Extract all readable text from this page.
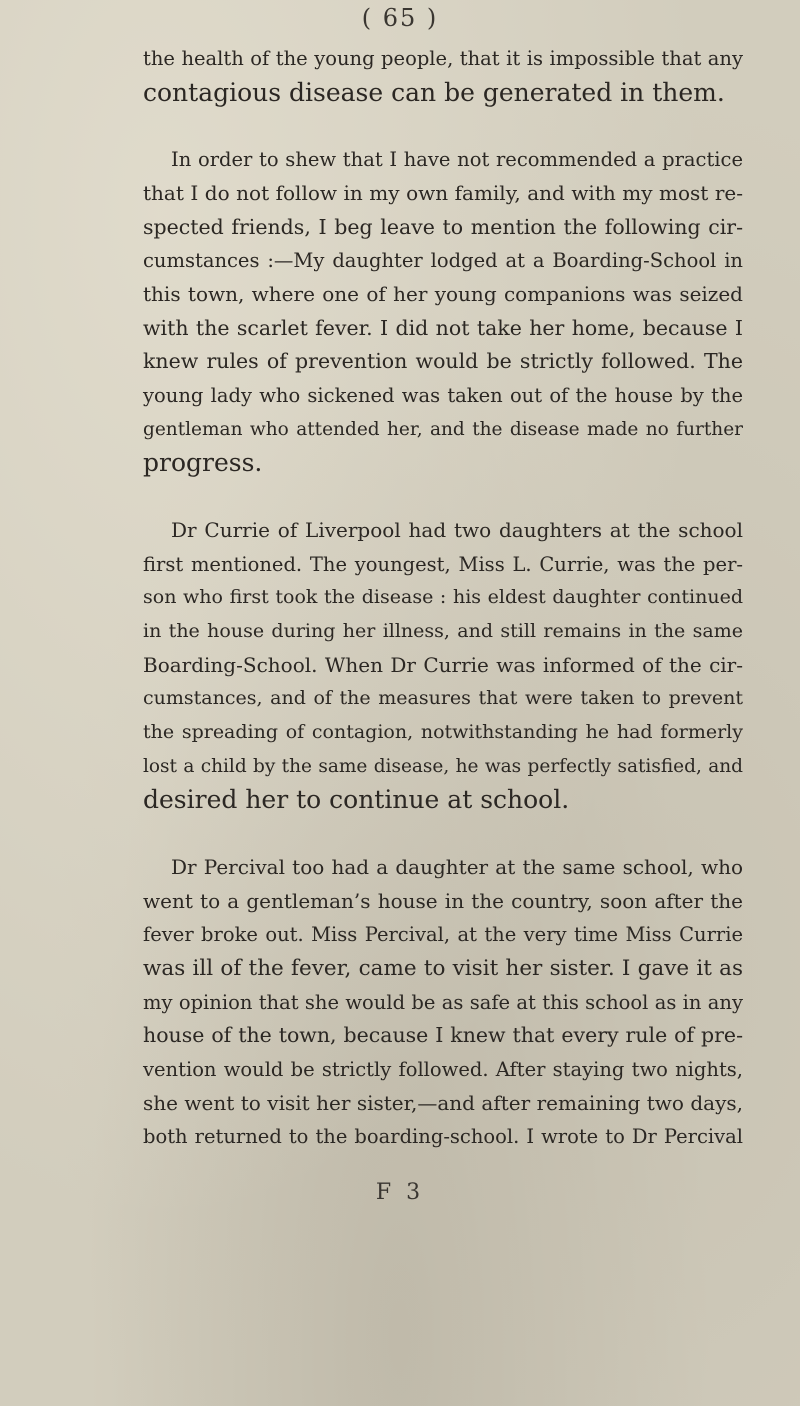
( 65 )
the health of the young people, that it is impossible that any
contagious disease can be generated in them.
In order to shew that I have not recommended a practice
that I do not follow in my own family, and with my most re-
spected friends, I beg leave to mention the following cir-
cumstances :—My daughter lodged at a Boarding-School in
this town, where one of her young companions was seized
with the scarlet fever. I did not take her home, because I
knew rules of prevention would be strictly followed. The
young lady who sickened was taken out of the house by the
gentleman who attended her, and the disease made no further
progress.
Dr Currie of Liverpool had two daughters at the school
first mentioned. The youngest, Miss L. Currie, was the per-
son who first took the disease : his eldest daughter continued
in the house during her illness, and still remains in the same
Boarding-School. When Dr Currie was informed of the cir-
cumstances, and of the measures that were taken to prevent
the spreading of contagion, notwithstanding he had formerly
lost a child by the same disease, he was perfectly satisfied, and
desired her to continue at school.
Dr Percival too had a daughter at the same school, who
went to a gentleman’s house in the country, soon after the
fever broke out. Miss Percival, at the very time Miss Currie
was ill of the fever, came to visit her sister. I gave it as
my opinion that she would be as safe at this school as in any
house of the town, because I knew that every rule of pre-
vention would be strictly followed. After staying two nights,
she went to visit her sister,—and after remaining two days,
both returned to the boarding-school. I wrote to Dr Percival
F 3
